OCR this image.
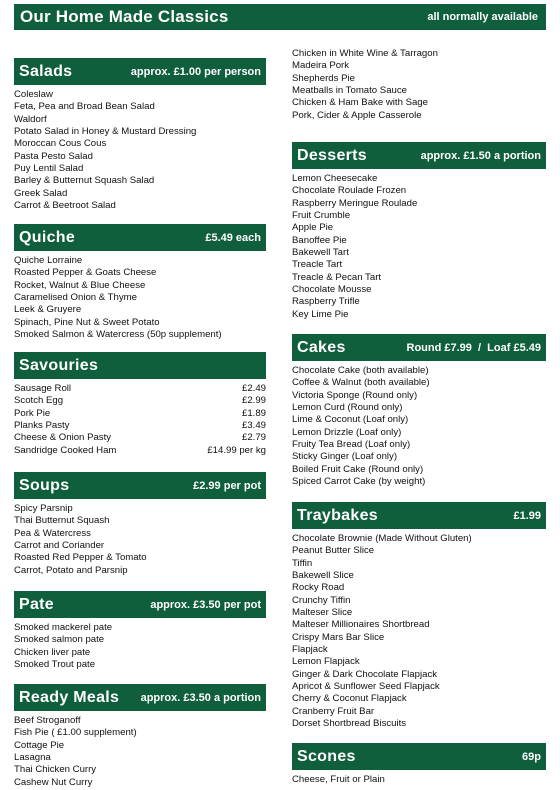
Our Home Made Classics	all normally available
Salads	approx. £1.00 per person
Coleslaw
Feta, Pea and Broad Bean Salad
Waldorf
Potato Salad in Honey & Mustard Dressing
Moroccan Cous Cous
Pasta Pesto Salad
Puy Lentil Salad
Barley & Butternut Squash Salad
Greek Salad
Carrot & Beetroot Salad
Quiche	£5.49 each
Quiche Lorraine
Roasted Pepper & Goats Cheese
Rocket, Walnut & Blue Cheese
Caramelised Onion & Thyme
Leek & Gruyere
Spinach, Pine Nut & Sweet Potato
Smoked Salmon & Watercress (50p supplement)
Savouries
Sausage Roll	£2.49
Scotch Egg	£2.99
Pork Pie	£1.89
Planks Pasty	£3.49
Cheese & Onion Pasty	£2.79
Sandridge Cooked Ham	£14.99 per kg
Soups	£2.99 per pot
Spicy Parsnip
Thai Butternut Squash
Pea & Watercress
Carrot and Coriander
Roasted Red Pepper & Tomato
Carrot, Potato and Parsnip
Pate	approx. £3.50 per pot
Smoked mackerel pate
Smoked salmon pate
Chicken liver pate
Smoked Trout pate
Ready Meals approx. £3.50 a portion
Beef Stroganoff
Fish Pie ( £1.00 supplement)
Cottage Pie
Lasagna
Thai Chicken Curry
Cashew Nut Curry
Chicken in White Wine & Tarragon
Madeira Pork
Shepherds Pie
Meatballs in Tomato Sauce
Chicken & Ham Bake with Sage
Pork, Cider & Apple Casserole
Desserts	approx. £1.50 a portion
Lemon Cheesecake
Chocolate Roulade Frozen
Raspberry Meringue Roulade
Fruit Crumble
Apple Pie
Banoffee Pie
Bakewell Tart
Treacle Tart
Treacle & Pecan Tart
Chocolate Mousse
Raspberry Trifle
Key Lime Pie
Cakes	Round £7.99  /  Loaf £5.49
Chocolate Cake (both available)
Coffee & Walnut (both available)
Victoria Sponge (Round only)
Lemon Curd (Round only)
Lime & Coconut (Loaf only)
Lemon Drizzle (Loaf only)
Fruity Tea Bread (Loaf only)
Sticky Ginger (Loaf only)
Boiled Fruit Cake (Round only)
Spiced Carrot Cake (by weight)
Traybakes	£1.99
Chocolate Brownie (Made Without Gluten)
Peanut Butter Slice
Tiffin
Bakewell Slice
Rocky Road
Crunchy Tiffin
Malteser Slice
Malteser Millionaires Shortbread
Crispy Mars Bar Slice
Flapjack
Lemon Flapjack
Ginger & Dark Chocolate Flapjack
Apricot & Sunflower Seed Flapjack
Cherry & Coconut Flapjack
Cranberry Fruit Bar
Dorset Shortbread Biscuits
Scones	69p
Cheese, Fruit or Plain
